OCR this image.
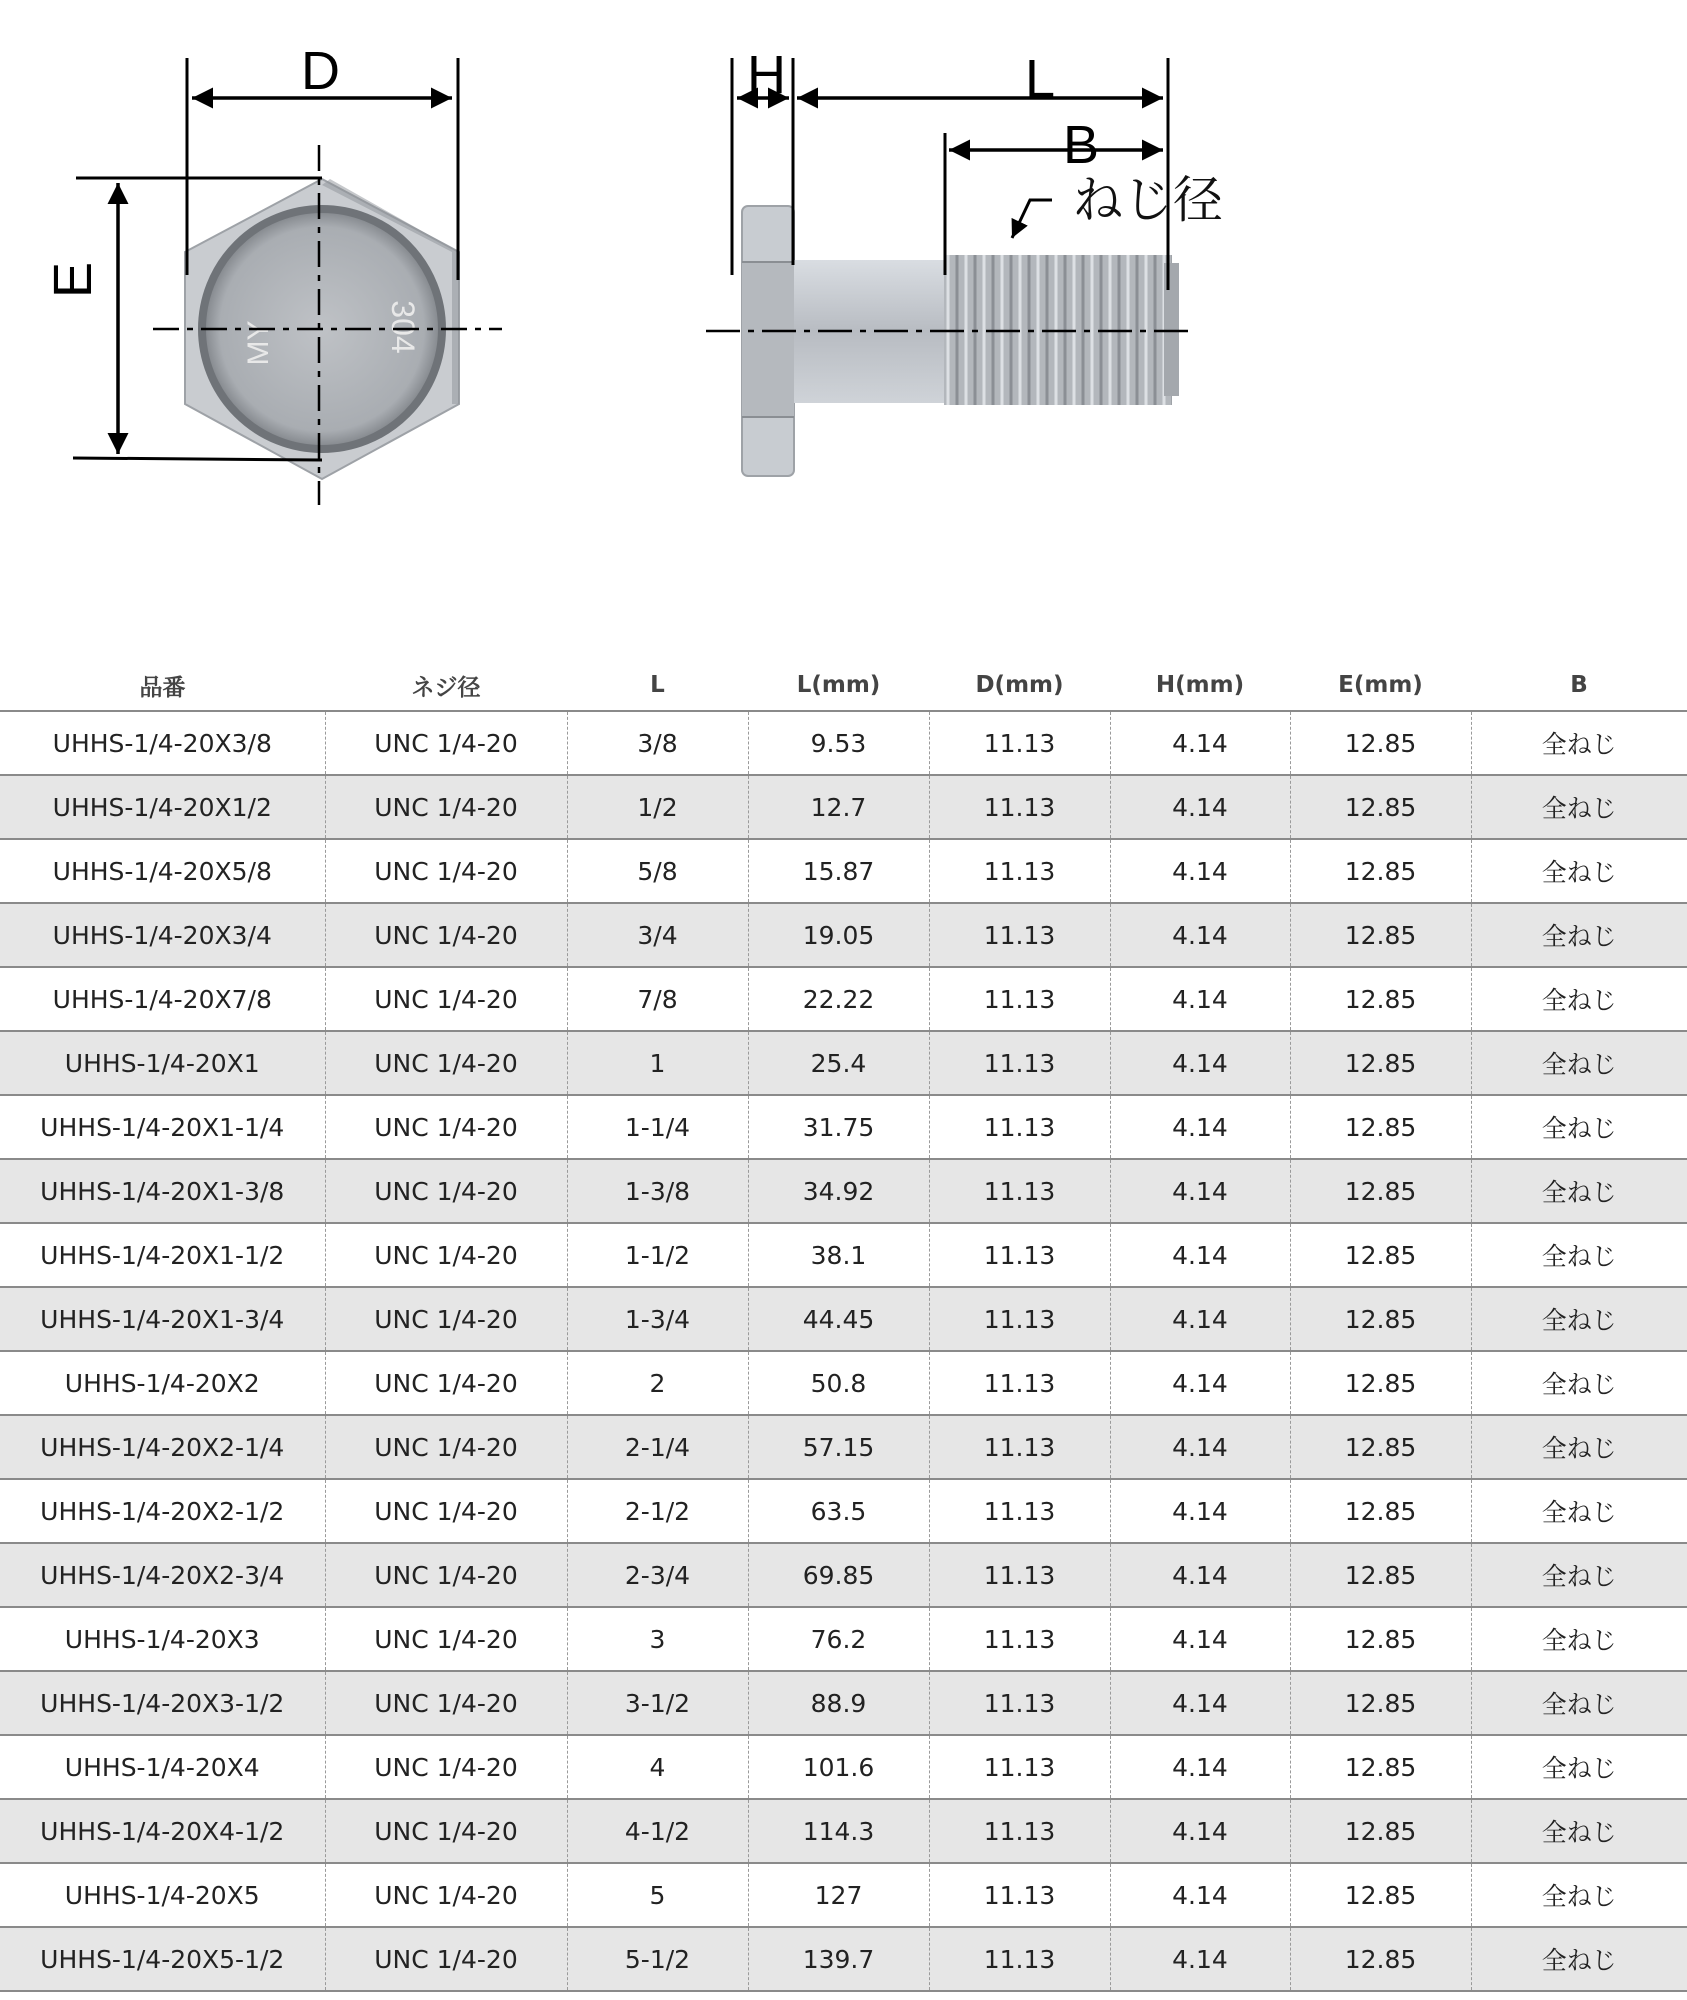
MY	304
D
E
H	L
B
ねじ径
品番	ネジ径	L	L(mm)	D(mm)	H(mm)	E(mm)	B
UHHS-1/4-20X3/8	UNC 1/4-20	3/8	9.53	11.13	4.14	12.85	全ねじ
UHHS-1/4-20X1/2	UNC 1/4-20	1/2	12.7	11.13	4.14	12.85	全ねじ
UHHS-1/4-20X5/8	UNC 1/4-20	5/8	15.87	11.13	4.14	12.85	全ねじ
UHHS-1/4-20X3/4	UNC 1/4-20	3/4	19.05	11.13	4.14	12.85	全ねじ
UHHS-1/4-20X7/8	UNC 1/4-20	7/8	22.22	11.13	4.14	12.85	全ねじ
UHHS-1/4-20X1	UNC 1/4-20	1	25.4	11.13	4.14	12.85	全ねじ
UHHS-1/4-20X1-1/4	UNC 1/4-20	1-1/4	31.75	11.13	4.14	12.85	全ねじ
UHHS-1/4-20X1-3/8	UNC 1/4-20	1-3/8	34.92	11.13	4.14	12.85	全ねじ
UHHS-1/4-20X1-1/2	UNC 1/4-20	1-1/2	38.1	11.13	4.14	12.85	全ねじ
UHHS-1/4-20X1-3/4	UNC 1/4-20	1-3/4	44.45	11.13	4.14	12.85	全ねじ
UHHS-1/4-20X2	UNC 1/4-20	2	50.8	11.13	4.14	12.85	全ねじ
UHHS-1/4-20X2-1/4	UNC 1/4-20	2-1/4	57.15	11.13	4.14	12.85	全ねじ
UHHS-1/4-20X2-1/2	UNC 1/4-20	2-1/2	63.5	11.13	4.14	12.85	全ねじ
UHHS-1/4-20X2-3/4	UNC 1/4-20	2-3/4	69.85	11.13	4.14	12.85	全ねじ
UHHS-1/4-20X3	UNC 1/4-20	3	76.2	11.13	4.14	12.85	全ねじ
UHHS-1/4-20X3-1/2	UNC 1/4-20	3-1/2	88.9	11.13	4.14	12.85	全ねじ
UHHS-1/4-20X4	UNC 1/4-20	4	101.6	11.13	4.14	12.85	全ねじ
UHHS-1/4-20X4-1/2	UNC 1/4-20	4-1/2	114.3	11.13	4.14	12.85	全ねじ
UHHS-1/4-20X5	UNC 1/4-20	5	127	11.13	4.14	12.85	全ねじ
UHHS-1/4-20X5-1/2	UNC 1/4-20	5-1/2	139.7	11.13	4.14	12.85	全ねじ
